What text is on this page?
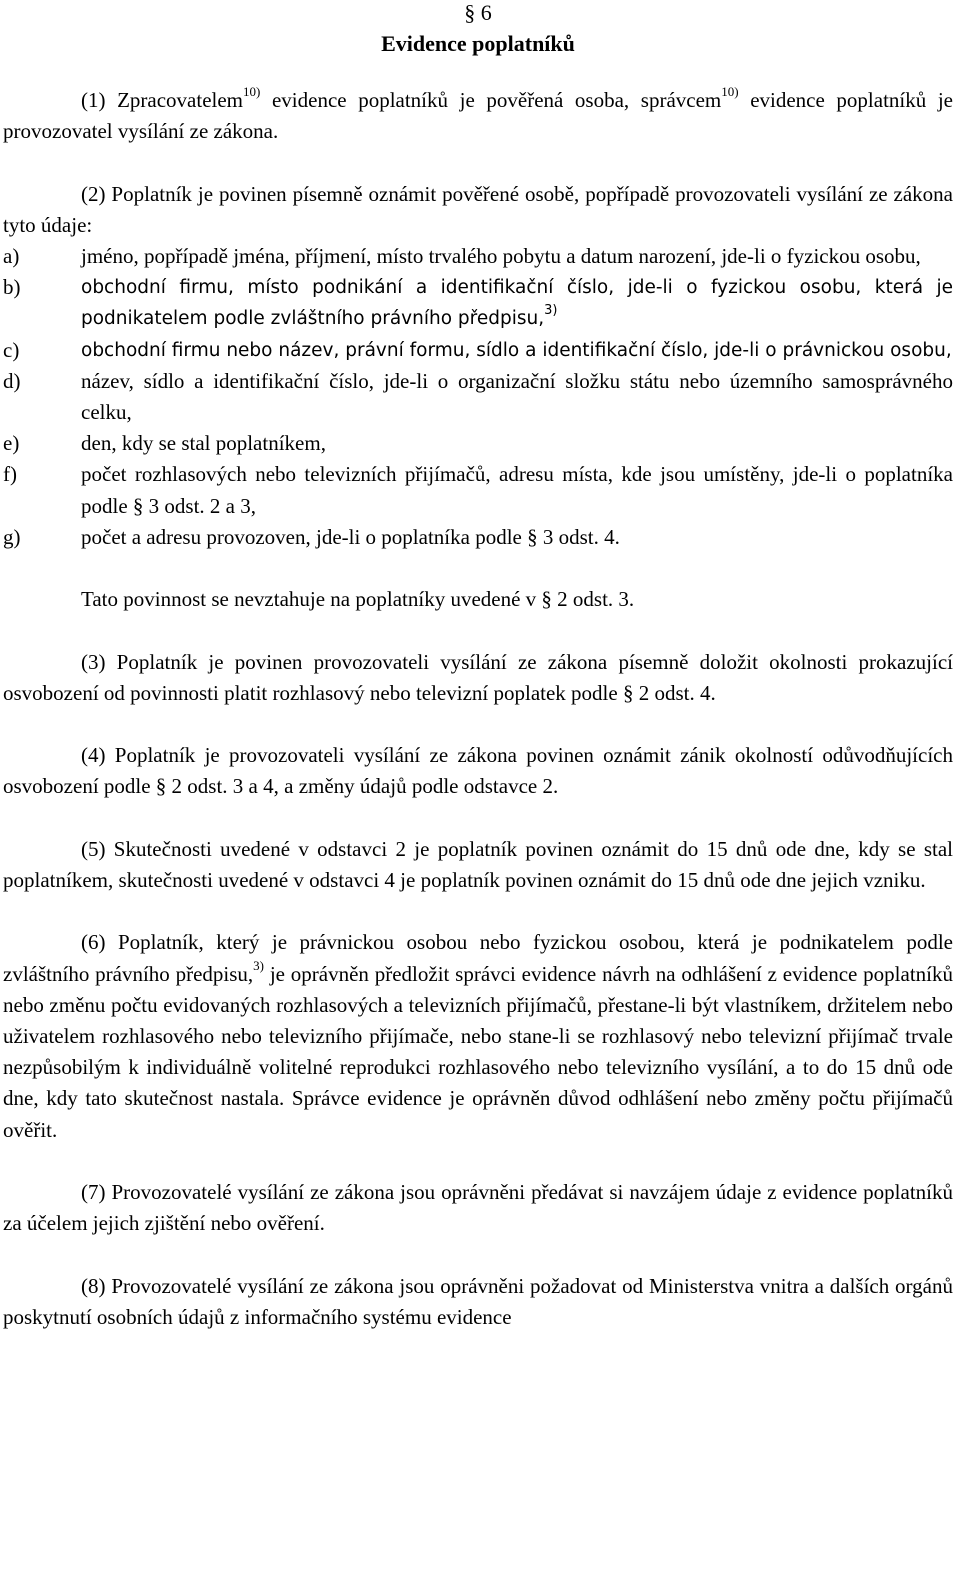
§ 6
Evidence poplatníků

(1) Zpracovatelem$^{10)}$ evidence poplatníků je pověřená osoba, správcem$^{10)}$ evidence poplatníků je provozovatel vysílání ze zákona.

(2) Poplatník je povinen písemně oznámit pověřené osobě, popřípadě provozovateli vysílání ze zákona tyto údaje:

a)	jméno, popřípadě jména, příjmení, místo trvalého pobytu a datum narození, jde-li o fyzickou osobu,
b)	obchodní firmu, místo podnikání a identifikační číslo, jde-li o fyzickou osobu, která je podnikatelem podle zvláštního právního předpisu,$^{3)}$
c)	obchodní firmu nebo název, právní formu, sídlo a identifikační číslo, jde-li o právnickou osobu,
d)	název, sídlo a identifikační číslo, jde-li o organizační složku státu nebo územního samosprávného celku,
e)	den, kdy se stal poplatníkem,
f)	počet rozhlasových nebo televizních přijímačů, adresu místa, kde jsou umístěny, jde-li o poplatníka podle § 3 odst. 2 a 3,
g)	počet a adresu provozoven, jde-li o poplatníka podle § 3 odst. 4.

Tato povinnost se nevztahuje na poplatníky uvedené v § 2 odst. 3.

(3) Poplatník je povinen provozovateli vysílání ze zákona písemně doložit okolnosti prokazující osvobození od povinnosti platit rozhlasový nebo televizní poplatek podle § 2 odst. 4.

(4) Poplatník je provozovateli vysílání ze zákona povinen oznámit zánik okolností odůvodňujících osvobození podle § 2 odst. 3 a 4, a změny údajů podle odstavce 2.

(5) Skutečnosti uvedené v odstavci 2 je poplatník povinen oznámit do 15 dnů ode dne, kdy se stal poplatníkem, skutečnosti uvedené v odstavci 4 je poplatník povinen oznámit do 15 dnů ode dne jejich vzniku.

(6) Poplatník, který je právnickou osobou nebo fyzickou osobou, která je podnikatelem podle zvláštního právního předpisu,$^{3)}$ je oprávněn předložit správci evidence návrh na odhlášení z evidence poplatníků nebo změnu počtu evidovaných rozhlasových a televizních přijímačů, přestane-li být vlastníkem, držitelem nebo uživatelem rozhlasového nebo televizního přijímače, nebo stane-li se rozhlasový nebo televizní přijímač trvale nezpůsobilým k individuálně volitelné reprodukci rozhlasového nebo televizního vysílání, a to do 15 dnů ode dne, kdy tato skutečnost nastala. Správce evidence je oprávněn důvod odhlášení nebo změny počtu přijímačů ověřit.

(7) Provozovatelé vysílání ze zákona jsou oprávněni předávat si navzájem údaje z evidence poplatníků za účelem jejich zjištění nebo ověření.

(8) Provozovatelé vysílání ze zákona jsou oprávněni požadovat od Ministerstva vnitra a dalších orgánů poskytnutí osobních údajů z informačního systému evidence
